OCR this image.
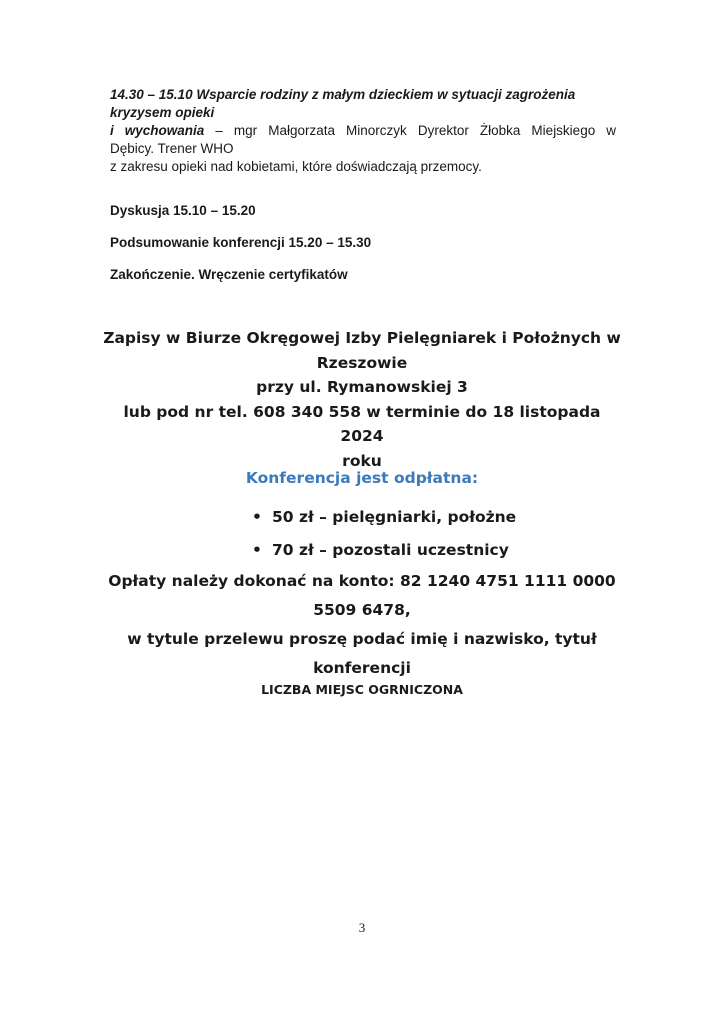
14.30 – 15.10 Wsparcie rodziny z małym dzieckiem w sytuacji zagrożenia kryzysem opieki

i wychowania – mgr Małgorzata Minorczyk Dyrektor Żłobka Miejskiego w

Dębicy. Trener WHO

z zakresu opieki nad kobietami, które doświadczają przemocy.

Dyskusja 15.10 – 15.20
Podsumowanie konferencji 15.20 – 15.30
Zakończenie. Wręczenie certyfikatów

Zapisy w Biurze Okręgowej Izby Pielęgniarek i Położnych w

Rzeszowie

przy ul. Rymanowskiej 3

lub pod nr tel. 608 340 558 w terminie do 18 listopada 2024

roku

Konferencja jest odpłatna:
• 50 zł – pielęgniarki, położne
• 70 zł – pozostali uczestnicy

Opłaty należy dokonać na konto: 82 1240 4751 1111 0000

5509 6478,

w tytule przelewu proszę podać imię i nazwisko, tytuł

konferencji

LICZBA MIEJSC OGRNICZONA
3
